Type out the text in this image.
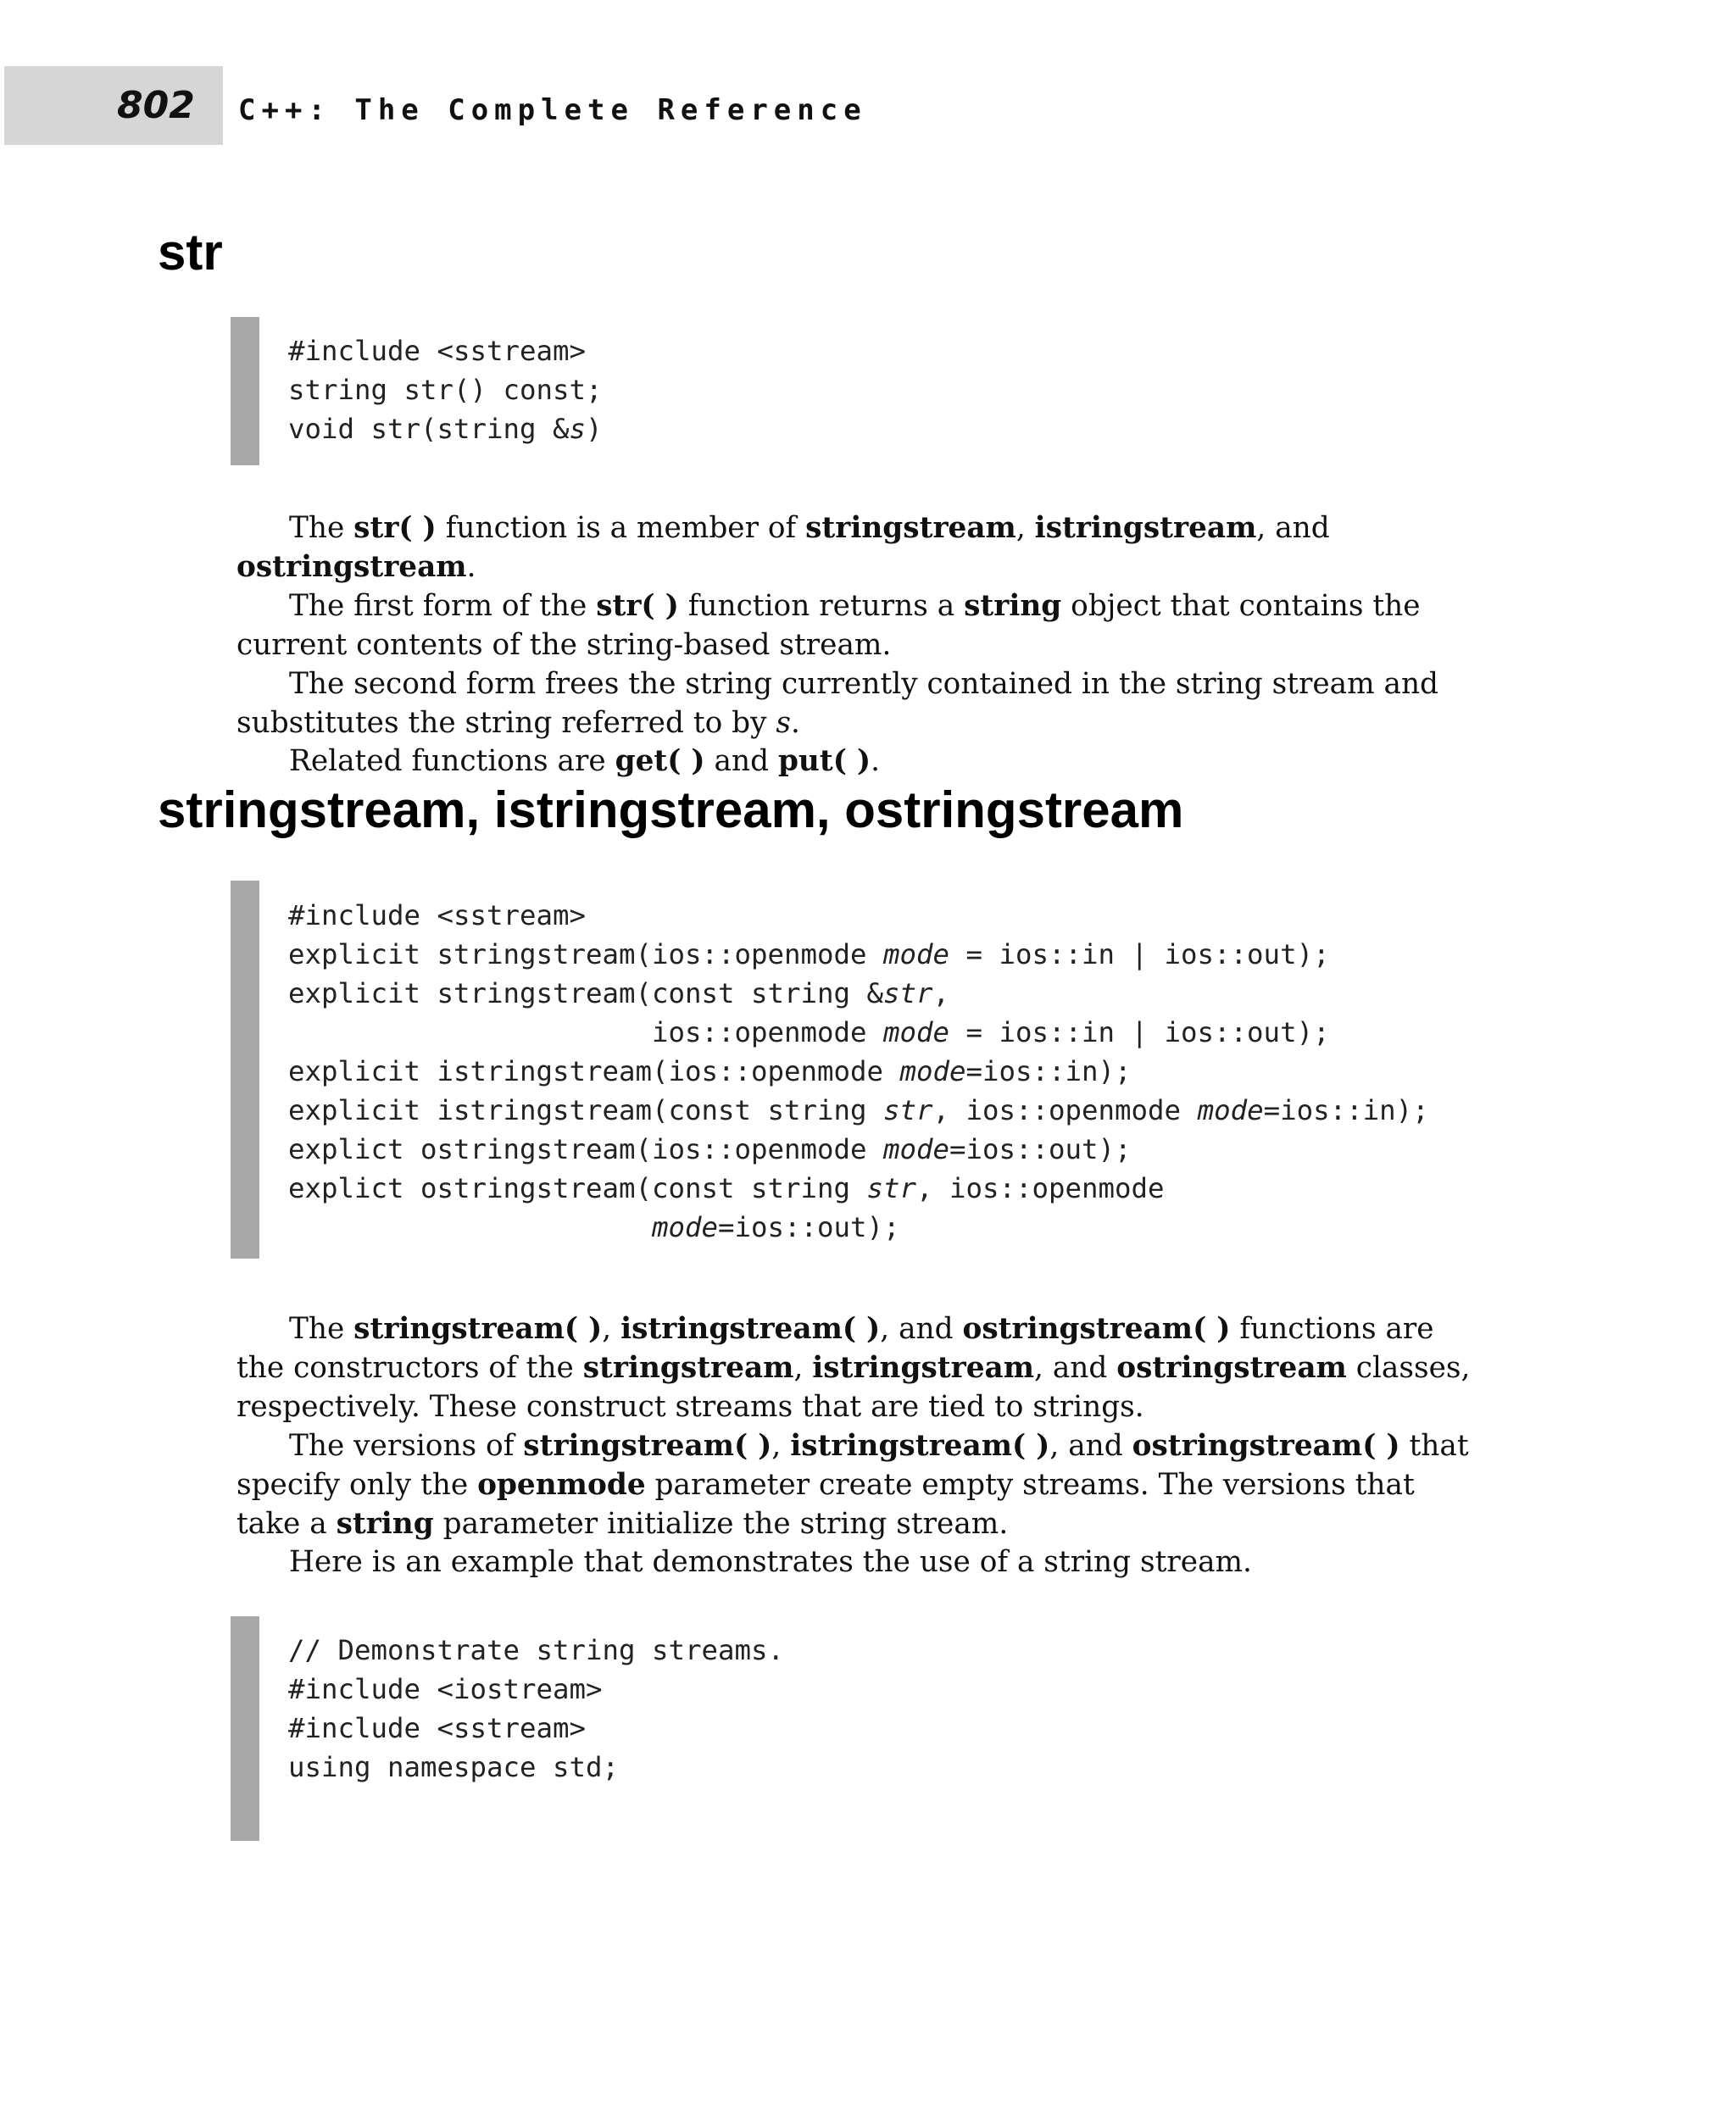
802 C++: The Complete Reference
str
#include <sstream>
string str() const;
void str(string &s)

The str( ) function is a member of stringstream, istringstream, and ostringstream.

The first form of the str( ) function returns a string object that contains the current contents of the string-based stream.

The second form frees the string currently contained in the string stream and substitutes the string referred to by s.

Related functions are get( ) and put( ).

stringstream, istringstream, ostringstream
#include <sstream>
explicit stringstream(ios::openmode mode = ios::in | ios::out);
explicit stringstream(const string &str,
ios::openmode mode = ios::in | ios::out);
explicit istringstream(ios::openmode mode=ios::in);
explicit istringstream(const string str, ios::openmode mode=ios::in);
explict ostringstream(ios::openmode mode=ios::out);
explict ostringstream(const string str, ios::openmode
mode=ios::out);

The stringstream( ), istringstream( ), and ostringstream( ) functions are the constructors of the stringstream, istringstream, and ostringstream classes, respectively. These construct streams that are tied to strings.

The versions of stringstream( ), istringstream( ), and ostringstream( ) that specify only the openmode parameter create empty streams. The versions that take a string parameter initialize the string stream.

Here is an example that demonstrates the use of a string stream.

// Demonstrate string streams.
#include <iostream>
#include <sstream>
using namespace std;
